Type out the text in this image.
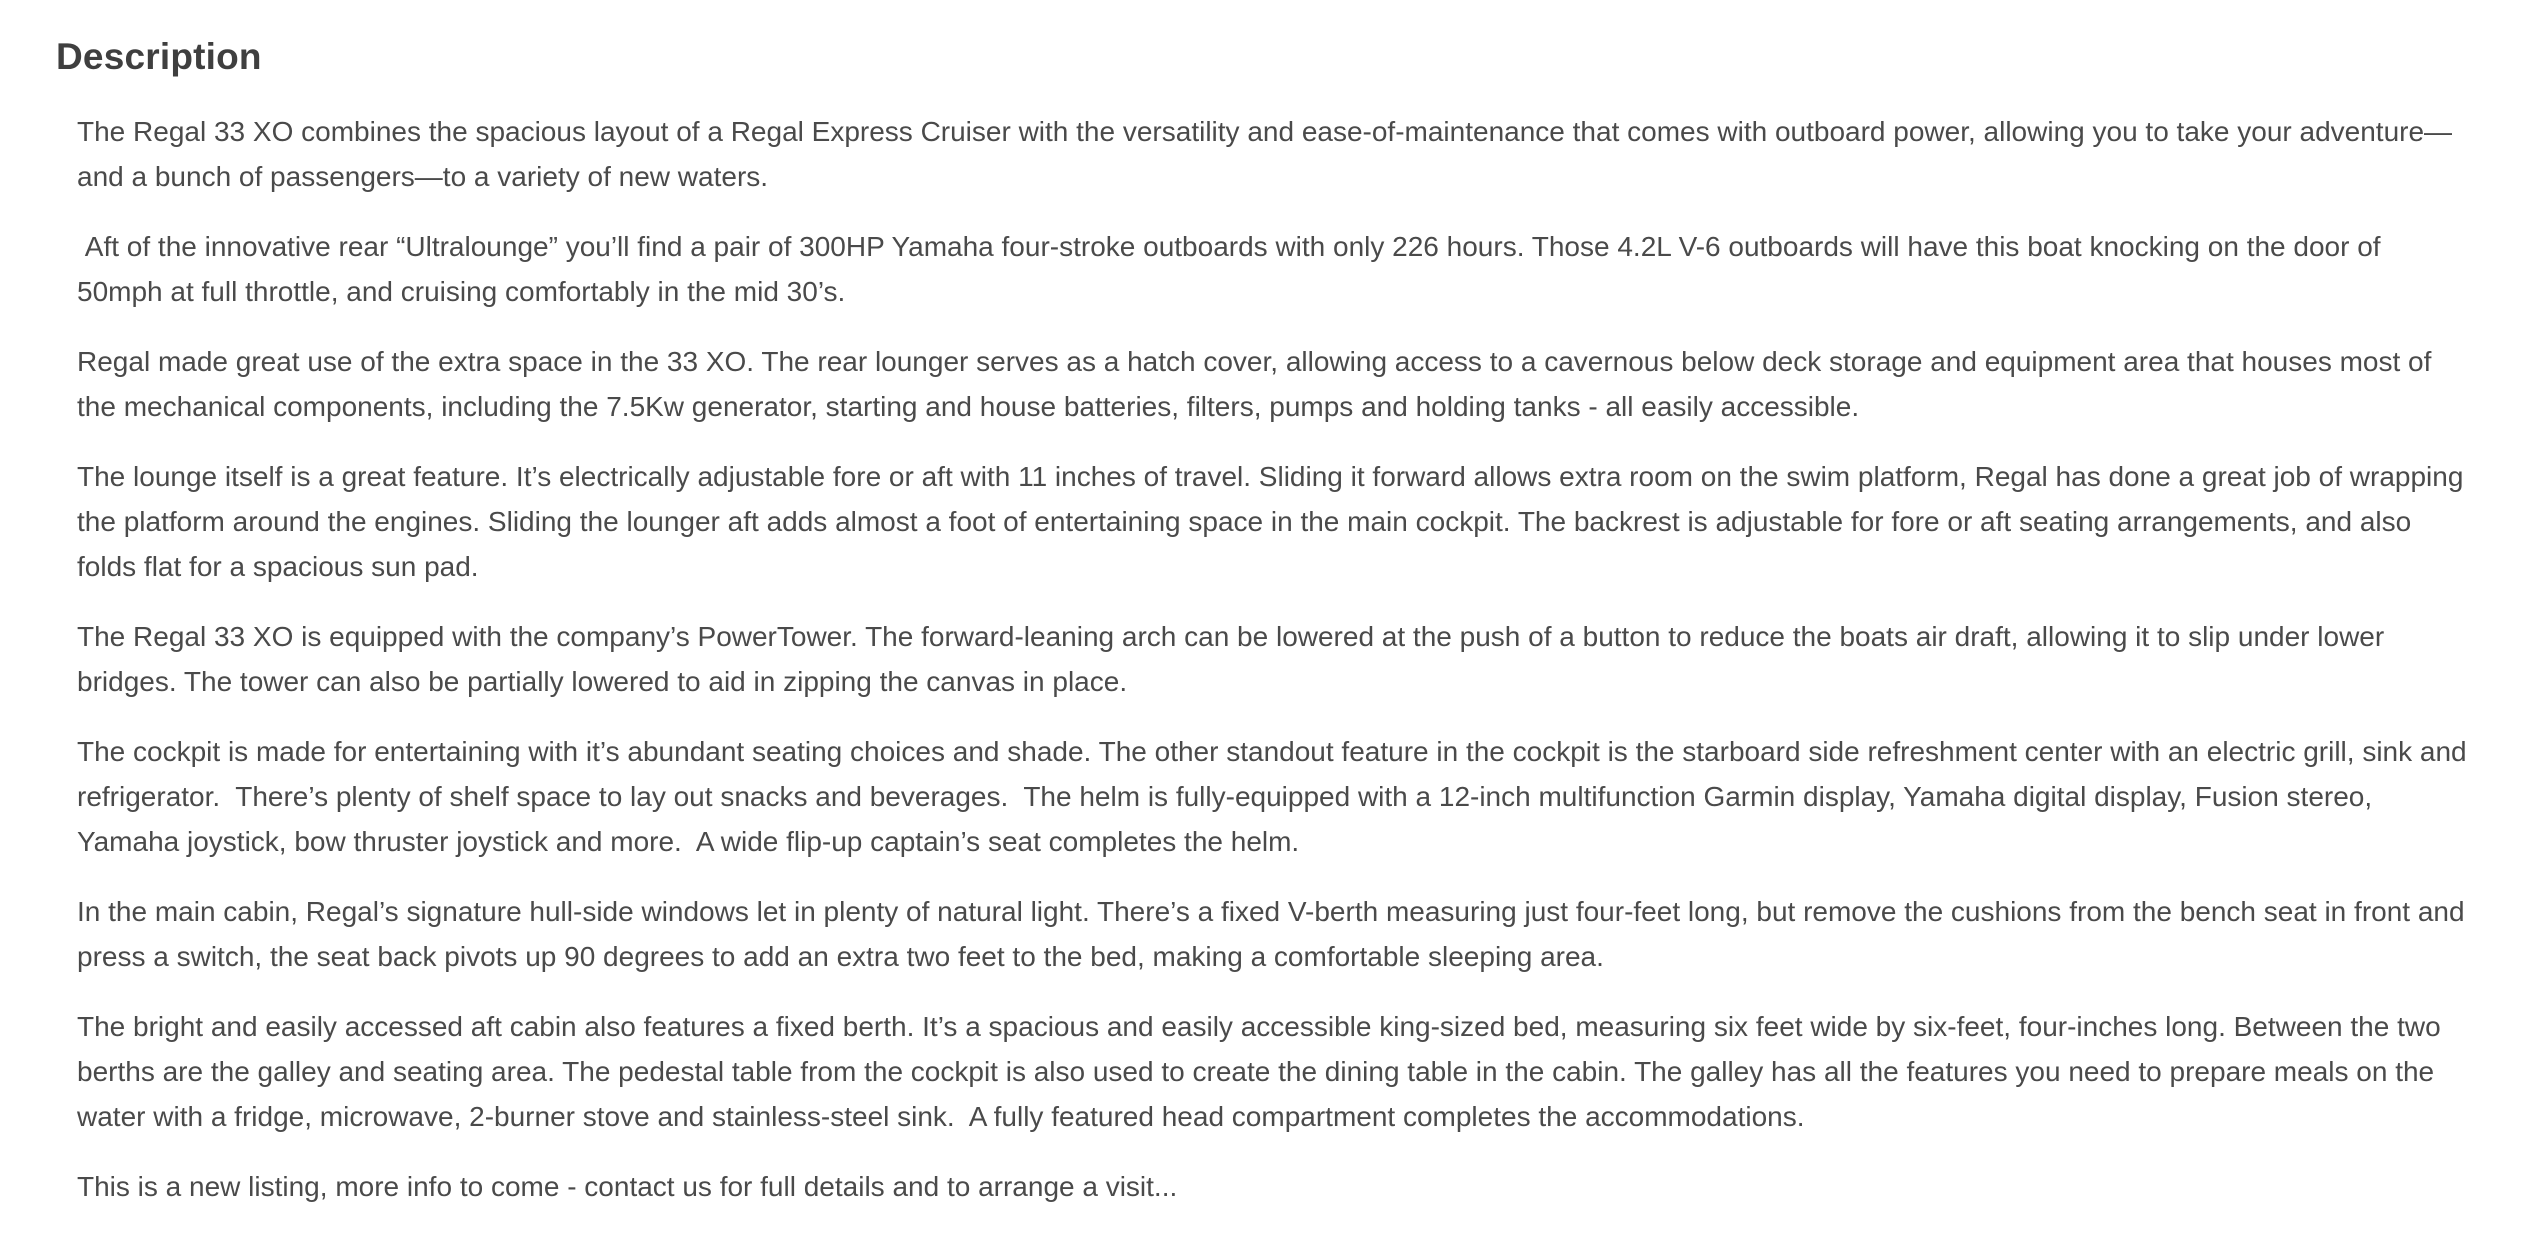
Description

The Regal 33 XO combines the spacious layout of a Regal Express Cruiser with the versatility and ease-of-maintenance that comes with outboard power, allowing you to take your adventure—and a bunch of passengers—to a variety of new waters.

Aft of the innovative rear “Ultralounge” you’ll find a pair of 300HP Yamaha four-stroke outboards with only 226 hours. Those 4.2L V-6 outboards will have this boat knocking on the door of 50mph at full throttle, and cruising comfortably in the mid 30’s.

Regal made great use of the extra space in the 33 XO. The rear lounger serves as a hatch cover, allowing access to a cavernous below deck storage and equipment area that houses most of the mechanical components, including the 7.5Kw generator, starting and house batteries, filters, pumps and holding tanks - all easily accessible.

The lounge itself is a great feature. It’s electrically adjustable fore or aft with 11 inches of travel. Sliding it forward allows extra room on the swim platform, Regal has done a great job of wrapping the platform around the engines. Sliding the lounger aft adds almost a foot of entertaining space in the main cockpit. The backrest is adjustable for fore or aft seating arrangements, and also folds flat for a spacious sun pad.

The Regal 33 XO is equipped with the company’s PowerTower. The forward-leaning arch can be lowered at the push of a button to reduce the boats air draft, allowing it to slip under lower bridges. The tower can also be partially lowered to aid in zipping the canvas in place.

The cockpit is made for entertaining with it’s abundant seating choices and shade. The other standout feature in the cockpit is the starboard side refreshment center with an electric grill, sink and refrigerator.  There’s plenty of shelf space to lay out snacks and beverages.  The helm is fully-equipped with a 12-inch multifunction Garmin display, Yamaha digital display, Fusion stereo, Yamaha joystick, bow thruster joystick and more.  A wide flip-up captain’s seat completes the helm.

In the main cabin, Regal’s signature hull-side windows let in plenty of natural light. There’s a fixed V-berth measuring just four-feet long, but remove the cushions from the bench seat in front and press a switch, the seat back pivots up 90 degrees to add an extra two feet to the bed, making a comfortable sleeping area.

The bright and easily accessed aft cabin also features a fixed berth. It’s a spacious and easily accessible king-sized bed, measuring six feet wide by six-feet, four-inches long. Between the two berths are the galley and seating area. The pedestal table from the cockpit is also used to create the dining table in the cabin. The galley has all the features you need to prepare meals on the water with a fridge, microwave, 2-burner stove and stainless-steel sink.  A fully featured head compartment completes the accommodations.

This is a new listing, more info to come - contact us for full details and to arrange a visit...
